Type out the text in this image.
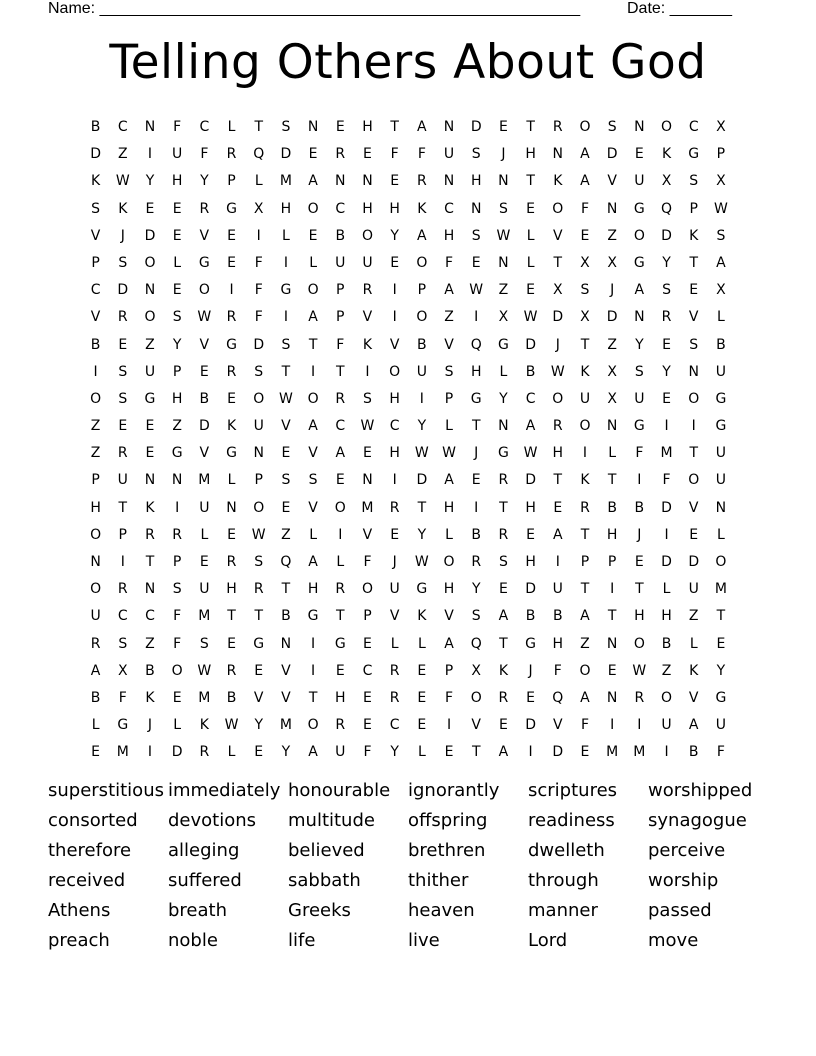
Name: ______________________________________________________	Date: _______
Telling Others About God
B	C	N	F	C	L	T	S	N	E	H	T	A	N	D	E	T	R	O	S	N	O	C	X
D	Z	I	U	F	R	Q	D	E	R	E	F	F	U	S	J	H	N	A	D	E	K	G	P
K	W	Y	H	Y	P	L	M	A	N	N	E	R	N	H	N	T	K	A	V	U	X	S	X
S	K	E	E	R	G	X	H	O	C	H	H	K	C	N	S	E	O	F	N	G	Q	P	W
V	J	D	E	V	E	I	L	E	B	O	Y	A	H	S	W	L	V	E	Z	O	D	K	S
P	S	O	L	G	E	F	I	L	U	U	E	O	F	E	N	L	T	X	X	G	Y	T	A
C	D	N	E	O	I	F	G	O	P	R	I	P	A	W	Z	E	X	S	J	A	S	E	X
V	R	O	S	W	R	F	I	A	P	V	I	O	Z	I	X	W	D	X	D	N	R	V	L
B	E	Z	Y	V	G	D	S	T	F	K	V	B	V	Q	G	D	J	T	Z	Y	E	S	B
I	S	U	P	E	R	S	T	I	T	I	O	U	S	H	L	B	W	K	X	S	Y	N	U
O	S	G	H	B	E	O	W	O	R	S	H	I	P	G	Y	C	O	U	X	U	E	O	G
Z	E	E	Z	D	K	U	V	A	C	W	C	Y	L	T	N	A	R	O	N	G	I	I	G
Z	R	E	G	V	G	N	E	V	A	E	H	W W	J	G	W	H	I	L	F	M	T	U
P	U	N	N	M	L	P	S	S	E	N	I	D	A	E	R	D	T	K	T	I	F	O	U
H	T	K	I	U	N	O	E	V	O	M	R	T	H	I	T	H	E	R	B	B	D	V	N
O	P	R	R	L	E	W	Z	L	I	V	E	Y	L	B	R	E	A	T	H	J	I	E	L
N	I	T	P	E	R	S	Q	A	L	F	J	W	O	R	S	H	I	P	P	E	D	D	O
O	R	N	S	U	H	R	T	H	R	O	U	G	H	Y	E	D	U	T	I	T	L	U	M
U	C	C	F	M	T	T	B	G	T	P	V	K	V	S	A	B	B	A	T	H	H	Z	T
R	S	Z	F	S	E	G	N	I	G	E	L	L	A	Q	T	G	H	Z	N	O	B	L	E
A	X	B	O	W	R	E	V	I	E	C	R	E	P	X	K	J	F	O	E	W	Z	K	Y
B	F	K	E	M	B	V	V	T	H	E	R	E	F	O	R	E	Q	A	N	R	O	V	G
L	G	J	L	K	W	Y	M	O	R	E	C	E	I	V	E	D	V	F	I	I	U	A	U
E	M	I	D	R	L	E	Y	A	U	F	Y	L	E	T	A	I	D	E	M	M	I	B	F
superstitious immediately honourable ignorantly	scriptures	worshipped
consorted	devotions	multitude	offspring	readiness	synagogue
therefore	alleging	believed	brethren	dwelleth	perceive
received	suffered	sabbath	thither	through	worship
Athens	breath	Greeks	heaven	manner	passed
preach	noble	life	live	Lord	move
